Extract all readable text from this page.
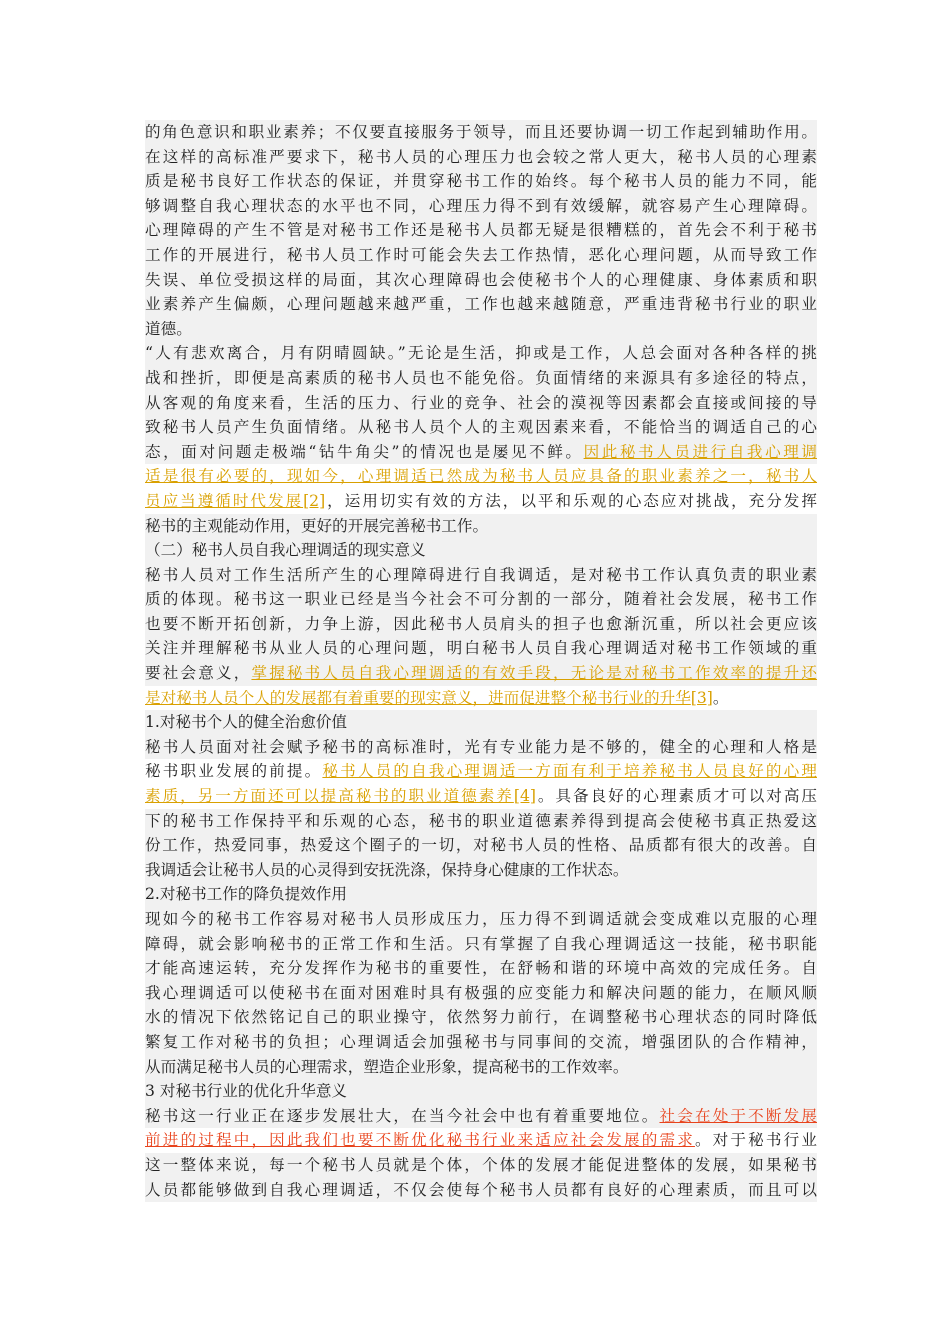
的角色意识和职业素养；不仅要直接服务于领导，而且还要协调一切工作起到辅助作用。
在这样的高标准严要求下，秘书人员的心理压力也会较之常人更大，秘书人员的心理素
质是秘书良好工作状态的保证，并贯穿秘书工作的始终。每个秘书人员的能力不同，能
够调整自我心理状态的水平也不同，心理压力得不到有效缓解，就容易产生心理障碍。
心理障碍的产生不管是对秘书工作还是秘书人员都无疑是很糟糕的，首先会不利于秘书
工作的开展进行，秘书人员工作时可能会失去工作热情，恶化心理问题，从而导致工作
失误、单位受损这样的局面，其次心理障碍也会使秘书个人的心理健康、身体素质和职
业素养产生偏颇，心理问题越来越严重，工作也越来越随意，严重违背秘书行业的职业
道德。
“人有悲欢离合，月有阴晴圆缺。”无论是生活，抑或是工作，人总会面对各种各样的挑
战和挫折，即便是高素质的秘书人员也不能免俗。负面情绪的来源具有多途径的特点，
从客观的角度来看，生活的压力、行业的竞争、社会的漠视等因素都会直接或间接的导
致秘书人员产生负面情绪。从秘书人员个人的主观因素来看，不能恰当的调适自己的心
态，面对问题走极端“钻牛角尖”的情况也是屡见不鲜。因此秘书人员进行自我心理调
适是很有必要的，现如今，心理调适已然成为秘书人员应具备的职业素养之一，秘书人
员应当遵循时代发展[2]，运用切实有效的方法，以平和乐观的心态应对挑战，充分发挥
秘书的主观能动作用，更好的开展完善秘书工作。
（二）秘书人员自我心理调适的现实意义
秘书人员对工作生活所产生的心理障碍进行自我调适，是对秘书工作认真负责的职业素
质的体现。秘书这一职业已经是当今社会不可分割的一部分，随着社会发展，秘书工作
也要不断开拓创新，力争上游，因此秘书人员肩头的担子也愈渐沉重，所以社会更应该
关注并理解秘书从业人员的心理问题，明白秘书人员自我心理调适对秘书工作领域的重
要社会意义，掌握秘书人员自我心理调适的有效手段，无论是对秘书工作效率的提升还
是对秘书人员个人的发展都有着重要的现实意义，进而促进整个秘书行业的升华[3]。
1.对秘书个人的健全治愈价值
秘书人员面对社会赋予秘书的高标准时，光有专业能力是不够的，健全的心理和人格是
秘书职业发展的前提。秘书人员的自我心理调适一方面有利于培养秘书人员良好的心理
素质，另一方面还可以提高秘书的职业道德素养[4]。具备良好的心理素质才可以对高压
下的秘书工作保持平和乐观的心态，秘书的职业道德素养得到提高会使秘书真正热爱这
份工作，热爱同事，热爱这个圈子的一切，对秘书人员的性格、品质都有很大的改善。自
我调适会让秘书人员的心灵得到安抚洗涤，保持身心健康的工作状态。
2.对秘书工作的降负提效作用
现如今的秘书工作容易对秘书人员形成压力，压力得不到调适就会变成难以克服的心理
障碍，就会影响秘书的正常工作和生活。只有掌握了自我心理调适这一技能，秘书职能
才能高速运转，充分发挥作为秘书的重要性，在舒畅和谐的环境中高效的完成任务。自
我心理调适可以使秘书在面对困难时具有极强的应变能力和解决问题的能力，在顺风顺
水的情况下依然铭记自己的职业操守，依然努力前行，在调整秘书心理状态的同时降低
繁复工作对秘书的负担；心理调适会加强秘书与同事间的交流，增强团队的合作精神，
从而满足秘书人员的心理需求，塑造企业形象，提高秘书的工作效率。
3 对秘书行业的优化升华意义
秘书这一行业正在逐步发展壮大，在当今社会中也有着重要地位。社会在处于不断发展
前进的过程中，因此我们也要不断优化秘书行业来适应社会发展的需求。对于秘书行业
这一整体来说，每一个秘书人员就是个体，个体的发展才能促进整体的发展，如果秘书
人员都能够做到自我心理调适，不仅会使每个秘书人员都有良好的心理素质，而且可以
